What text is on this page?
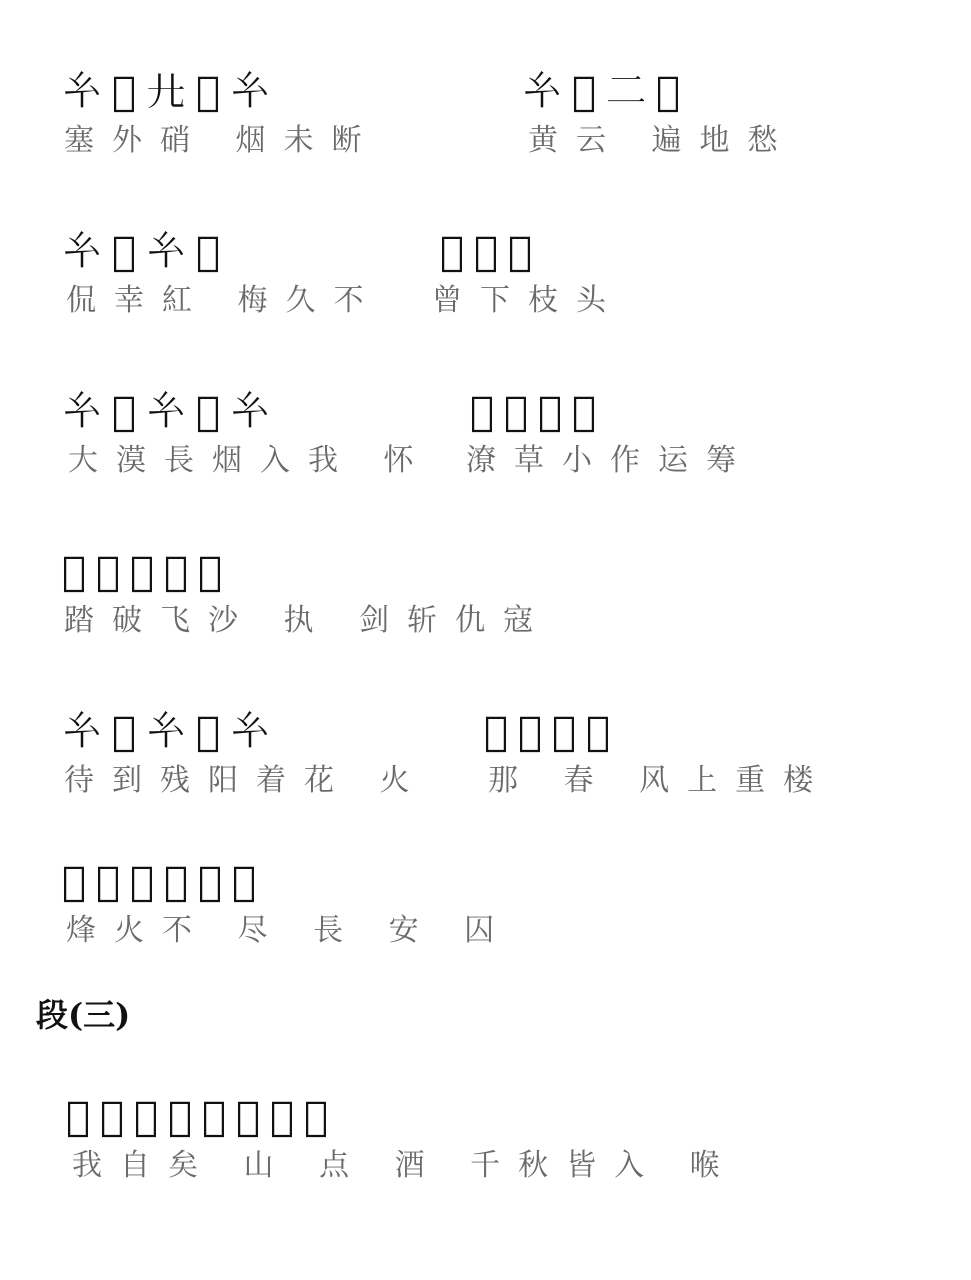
𢆯𦇠𢌬𠀪𢆯	𢆯𦇠𠄞𦇠
塞外硝 烟未断	黄云 遍地愁
𢆯𦇠𢆯𦇠	𦇠𢆯𦇠
侃幸紅 梅久不 曾下枝头
𢆯𦇠𢆯𦇠𢆯	𦇠𢆯𦇠𦇠
大漠長烟入我 怀 潦草小作运筹
𦇠𦇠尼𦇠𦇠
踏破飞沙 执 剑斩仇寇
𢆯𦇠𢆯𦇠𢆯	𦇠𦇠𦇠𦇠
待到残阳着花 火 那 春 风上重楼
𦇠𦇠𦇠𦇠𦇠𦇠
烽火不 尽 長 安 囚
段(三)
𦇠𦇠𦇠𦇠𢆯𦇠𦇠𦇠
我自矣 山 点 酒 千秋皆入 喉
